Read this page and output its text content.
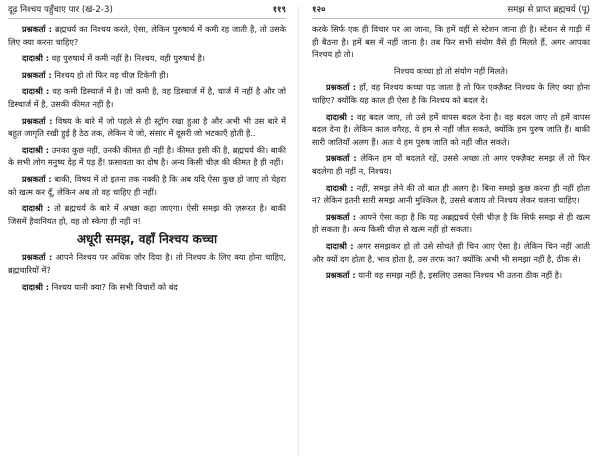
दूढ़ निश्चय पहुँचाए पार (खं-2-3)	११९

प्रश्नकर्ता : ब्रह्मचर्य का निश्चय करते, ऐसा, लेकिन पुरुषार्थ में कमी रह जाती है, तो उसके लिए क्या करना चाहिए?

दादाश्री : वह पुरुषार्थ में कमी नहीं है। निश्चय, वही पुरुषार्थ है।

प्रश्नकर्ता : निश्चय हो तो फिर वह चीज़ टिकेगी ही।

दादाश्री : वह कमी डिस्चार्ज में है। जो कमी है, वह डिस्चार्ज में है, चार्ज में नहीं है और जो डिस्चार्ज में है, उसकी कीमत नहीं है।

प्रश्नकर्ता : विषय के बारे में जो पहले से ही स्ट्रॉग रखा हुआ है और अभी भी उस बारे में बहुत जागृति रखी हुई है ठेठ तक, लेकिन ये जो, संसार में दूसरी जो भटकाएँ होती है..

दादाश्री : उनका कुछ नहीं, उनकी कीमत ही नहीं है। कीमत इसी की है, ब्रह्मचर्य की। बाकी के सभी लोग मनुष्य देह में पड़ हैं! फ़सावता का दोष है। अन्य किसी चीज़ की कीमत है ही नहीं।

प्रश्नकर्ता : बाकी, विषय में तो इतना तक नक्की है कि अब यदि ऐसा कुछ हो जाए तो चेहरा को खत्म कर दूँ, लेकिन अब तो वह चाहिए ही नहीं।

दादाश्री : तो ब्रह्मचर्य के बारे में अच्छा कहा जाएगा। ऐसी समझ की ज़रूरत है। बाकी जिसमें हैवानियत हो, वह तो स्केगा ही नहीं न!

अधूरी समझ, वहाँ निश्चय कच्चा

प्रश्नकर्ता : आपने निश्चय पर अधिक ज़ोर दिया है। तो निश्चय के लिए क्या होना चाहिए, ब्रह्मचारियों में?

दादाश्री : निश्चय यानी क्या? कि सभी विचारों को बंद

१२०	समझ से प्राप्त ब्रह्मचर्य (पू)

करके सिर्फ एक ही विचार पर आ जाना, कि हमें वहीं से स्टेशन जाना ही है। स्टेशन से गाड़ी में ही बैठना है। हमें बस में नहीं जाना है। तब फिर सभी संयोग वैसे ही मिलते हैं, अगर आपका निश्चय हो तो।

निश्चय कच्चा हो तो संयोग नहीं मिलते।

प्रश्नकर्ता : हाँ, वह निश्चय कच्चा पड़ जाता है तो फिर एक्ज़ैक्ट निश्चय के लिए क्या होना चाहिए? क्योंकि यह काल ही ऐसा है कि निश्चय को बदल दे।

दादाश्री : वह बदल जाए, तो उसे हमें वापस बदल देना है। वह बदल जाए तो हमें वापस बदल देना है। लेकिन काल वगैरह, ये हम से नहीं जीत सकते, क्योंकि हम पुरुष जाति हैं। बाकी सारी जातियाँ अलग हैं। अतः ये हम पुरुष जाति को नहीं जीत सकते।

प्रश्नकर्ता : लेकिन हम यों बदलते रहें, उससे अच्छा तो अगर एक्ज़ैक्ट समझ लें तो फिर बदलेगा ही नहीं न, निश्चय।

दादाश्री : नहीं, समझ लेने की तो बात ही अलग है। बिना समझे कुछ करना ही नहीं होता न? लेकिन इतनी सारी समझ आनी मुश्किल है, उससे बजाय तो निश्चय लेकर चलना चाहिए।

प्रश्नकर्ता : आपने ऐसा कहा है कि यह अब्रह्मचर्य ऐसी चीज़ है कि सिर्फ समझ से ही खत्म हो सकता है। अन्य किसी चीज़ से खत्म नहीं हो सकता।

दादाश्री : अगर समझकर हो तो उसे सोचते ही चिन आए ऐसा है। लेकिन चिन नहीं आती और क्यों दग होता है, भाव होता है, उस तरफ का? क्योंकि अभी भी समझा नहीं है, ठीक से।

प्रश्नकर्ता : यानी वह समझ नहीं है, इसलिए उसका निश्चय भी उतना ठीक नहीं है।
